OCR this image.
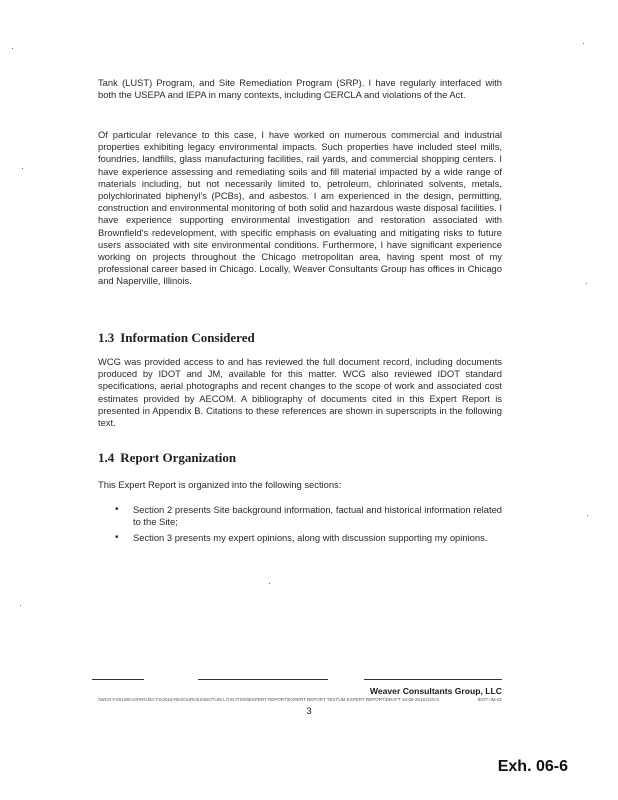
Tank (LUST) Program, and Site Remediation Program (SRP). I have regularly interfaced with both the USEPA and IEPA in many contexts, including CERCLA and violations of the Act.

Of particular relevance to this case, I have worked on numerous commercial and industrial properties exhibiting legacy environmental impacts. Such properties have included steel mills, foundries, landfills, glass manufacturing facilities, rail yards, and commercial shopping centers. I have experience assessing and remediating soils and fill material impacted by a wide range of materials including, but not necessarily limited to, petroleum, chlorinated solvents, metals, polychlorinated biphenyl's (PCBs), and asbestos. I am experienced in the design, permitting, construction and environmental monitoring of both solid and hazardous waste disposal facilities. I have experience supporting environmental investigation and restoration associated with Brownfield's redevelopment, with specific emphasis on evaluating and mitigating risks to future users associated with site environmental conditions. Furthermore, I have significant experience working on projects throughout the Chicago metropolitan area, having spent most of my professional career based in Chicago. Locally, Weaver Consultants Group has offices in Chicago and Naperville, Illinois.

1.3 Information Considered

WCG was provided access to and has reviewed the full document record, including documents produced by IDOT and JM, available for this matter. WCG also reviewed IDOT standard specifications, aerial photographs and recent changes to the scope of work and associated cost estimates provided by AECOM. A bibliography of documents cited in this Expert Report is presented in Appendix B. Citations to these references are shown in superscripts in the following text.

1.4 Report Organization

This Expert Report is organized into the following sections:

• Section 2 presents Site background information, factual and historical information related to the Site;
• Section 3 presents my expert opinions, along with discussion supporting my opinions.
Weaver Consultants Group, LLC
\\WCG-FS01\WCG\PROJECTS\2018-RESOURCES\IDOT\JM LITIGATION\EXPERT REPORT\EXPERT REPORT TEXT\JM EXPERT REPORT\DRAFT 10-08-2018.DOCX	IDOT-JM-02
3
Exh. 06-6
